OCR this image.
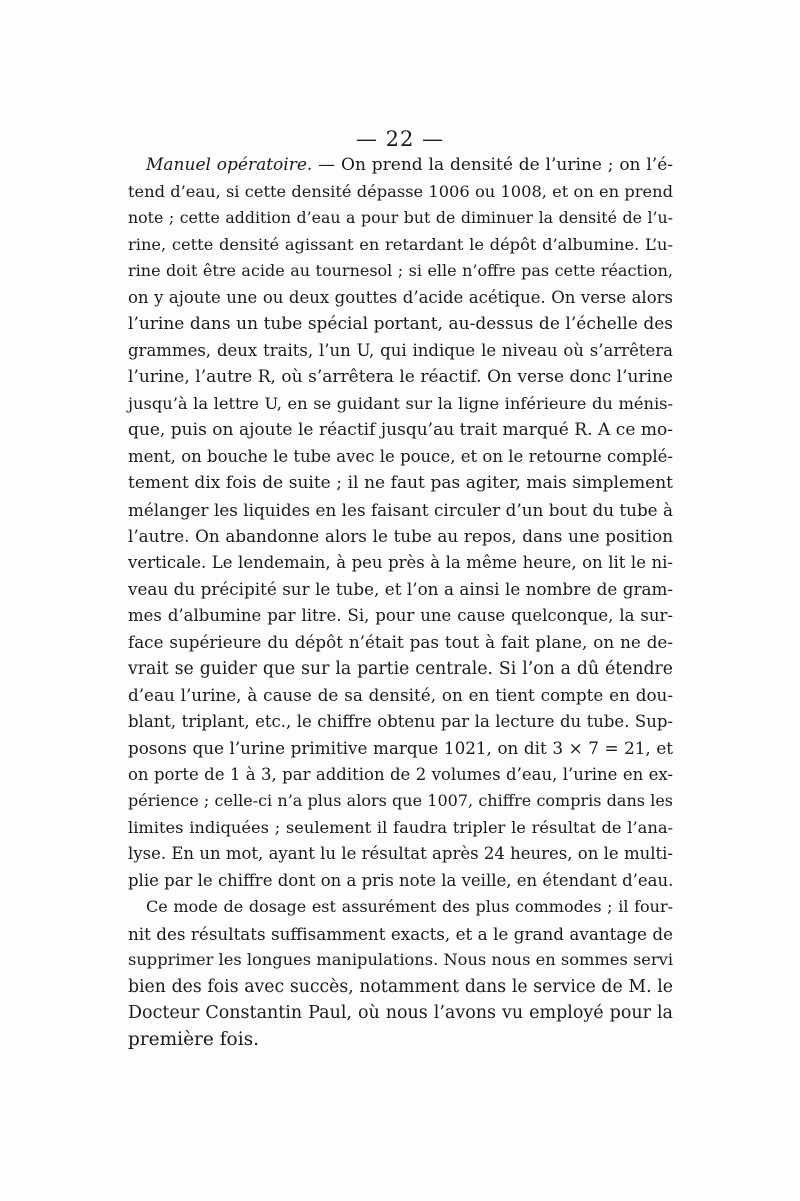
— 22 —

Manuel opératoire. — On prend la densité de l’urine ; on l’é-
tend d’eau, si cette densité dépasse 1006 ou 1008, et on en prend
note ; cette addition d’eau a pour but de diminuer la densité de l’u-
rine, cette densité agissant en retardant le dépôt d’albumine. L’u-
rine doit être acide au tournesol ; si elle n’offre pas cette réaction,
on y ajoute une ou deux gouttes d’acide acétique. On verse alors
l’urine dans un tube spécial portant, au-dessus de l’échelle des
grammes, deux traits, l’un U, qui indique le niveau où s’arrêtera
l’urine, l’autre R, où s’arrêtera le réactif. On verse donc l’urine
jusqu’à la lettre U, en se guidant sur la ligne inférieure du ménis-
que, puis on ajoute le réactif jusqu’au trait marqué R. A ce mo-
ment, on bouche le tube avec le pouce, et on le retourne complé-
tement dix fois de suite ; il ne faut pas agiter, mais simplement
mélanger les liquides en les faisant circuler d’un bout du tube à
l’autre. On abandonne alors le tube au repos, dans une position
verticale. Le lendemain, à peu près à la même heure, on lit le ni-
veau du précipité sur le tube, et l’on a ainsi le nombre de gram-
mes d’albumine par litre. Si, pour une cause quelconque, la sur-
face supérieure du dépôt n’était pas tout à fait plane, on ne de-
vrait se guider que sur la partie centrale. Si l’on a dû étendre
d’eau l’urine, à cause de sa densité, on en tient compte en dou-
blant, triplant, etc., le chiffre obtenu par la lecture du tube. Sup-
posons que l’urine primitive marque 1021, on dit 3 × 7 = 21, et
on porte de 1 à 3, par addition de 2 volumes d’eau, l’urine en ex-
périence ; celle-ci n’a plus alors que 1007, chiffre compris dans les
limites indiquées ; seulement il faudra tripler le résultat de l’ana-
lyse. En un mot, ayant lu le résultat après 24 heures, on le multi-
plie par le chiffre dont on a pris note la veille, en étendant d’eau.

Ce mode de dosage est assurément des plus commodes ; il four-
nit des résultats suffisamment exacts, et a le grand avantage de
supprimer les longues manipulations. Nous nous en sommes servi
bien des fois avec succès, notamment dans le service de M. le
Docteur Constantin Paul, où nous l’avons vu employé pour la
première fois.
